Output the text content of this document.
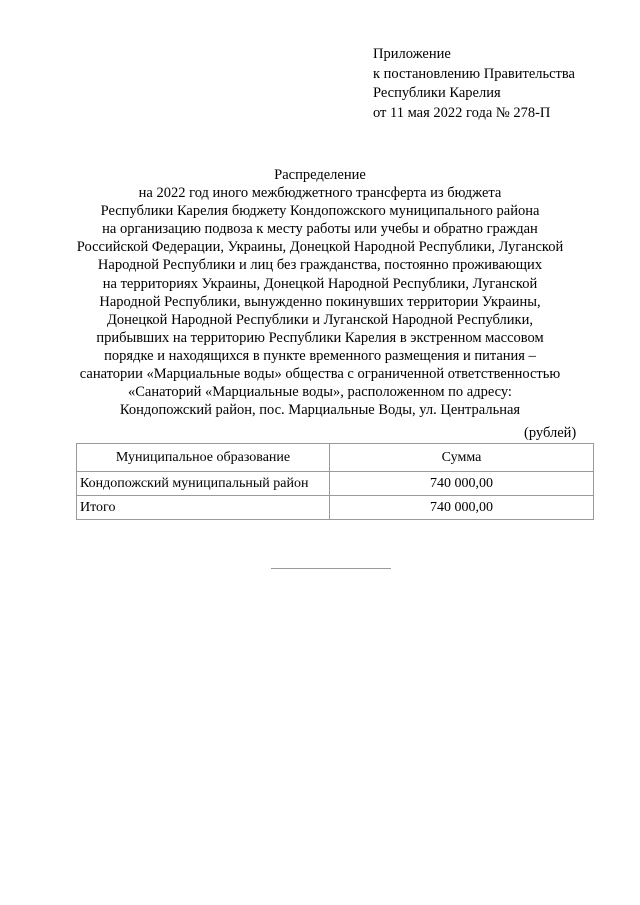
Приложение
к постановлению Правительства
Республики Карелия
от 11 мая 2022 года № 278-П
Распределение
на 2022 год иного межбюджетного трансферта из бюджета
Республики Карелия бюджету Кондопожского муниципального района
на организацию подвоза к месту работы или учебы и обратно граждан
Российской Федерации, Украины, Донецкой Народной Республики, Луганской
Народной Республики и лиц без гражданства, постоянно проживающих
на территориях Украины, Донецкой Народной Республики, Луганской
Народной Республики, вынужденно покинувших территории Украины,
Донецкой Народной Республики и Луганской Народной Республики,
прибывших на территорию Республики Карелия в экстренном массовом
порядке и находящихся в пункте временного размещения и питания –
санатории «Марциальные воды» общества с ограниченной ответственностью
«Санаторий «Марциальные воды», расположенном по адресу:
Кондопожский район, пос. Марциальные Воды, ул. Центральная
(рублей)
Муниципальное образование	Сумма
Кондопожский муниципальный район	740 000,00
Итого	740 000,00
